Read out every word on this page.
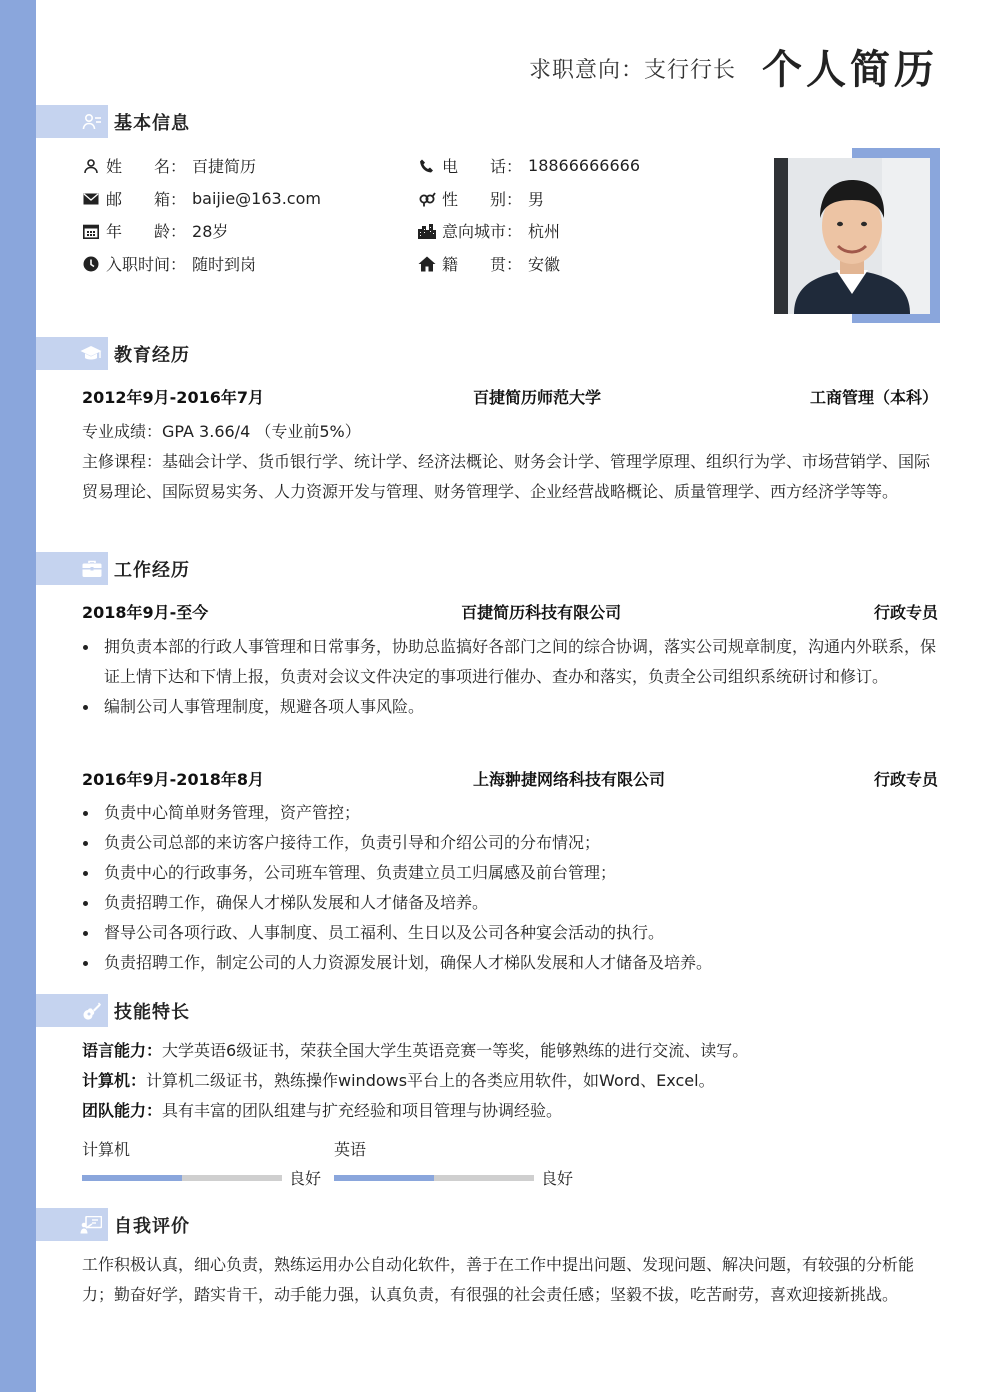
求职意向：支行行长 个人简历
基本信息
姓名 ： 百捷简历	电话 ： 18866666666
邮箱 ： baijie@163.com	性别 ： 男
年龄 ： 28岁	意向城市 ： 杭州
入职时间 ： 随时到岗	籍贯 ： 安徽
教育经历
2012年9月-2016年7月	百捷简历师范大学	工商管理（本科）
专业成绩：GPA 3.66/4 （专业前5%）
主修课程：基础会计学、货币银行学、统计学、经济法概论、财务会计学、管理学原理、组织行为学、市场营销学、国际贸易理论、国际贸易实务、人力资源开发与管理、财务管理学、企业经营战略概论、质量管理学、西方经济学等等。
工作经历
2018年9月-至今	百捷简历科技有限公司	行政专员
拥负责本部的行政人事管理和日常事务，协助总监搞好各部门之间的综合协调，落实公司规章制度，沟通内外联系，保证上情下达和下情上报，负责对会议文件决定的事项进行催办、查办和落实，负责全公司组织系统研讨和修订。
编制公司人事管理制度，规避各项人事风险。
2016年9月-2018年8月	上海翀捷网络科技有限公司	行政专员
负责中心简单财务管理，资产管控；
负责公司总部的来访客户接待工作，负责引导和介绍公司的分布情况；
负责中心的行政事务，公司班车管理、负责建立员工归属感及前台管理；
负责招聘工作，确保人才梯队发展和人才储备及培养。
督导公司各项行政、人事制度、员工福利、生日以及公司各种宴会活动的执行。
负责招聘工作，制定公司的人力资源发展计划，确保人才梯队发展和人才储备及培养。
技能特长
语言能力：大学英语6级证书，荣获全国大学生英语竞赛一等奖，能够熟练的进行交流、读写。
计算机：计算机二级证书，熟练操作windows平台上的各类应用软件，如Word、Excel。
团队能力：具有丰富的团队组建与扩充经验和项目管理与协调经验。
计算机
良好
英语
良好
自我评价
工作积极认真，细心负责，熟练运用办公自动化软件，善于在工作中提出问题、发现问题、解决问题，有较强的分析能力；勤奋好学，踏实肯干，动手能力强，认真负责，有很强的社会责任感；坚毅不拔，吃苦耐劳，喜欢迎接新挑战。
